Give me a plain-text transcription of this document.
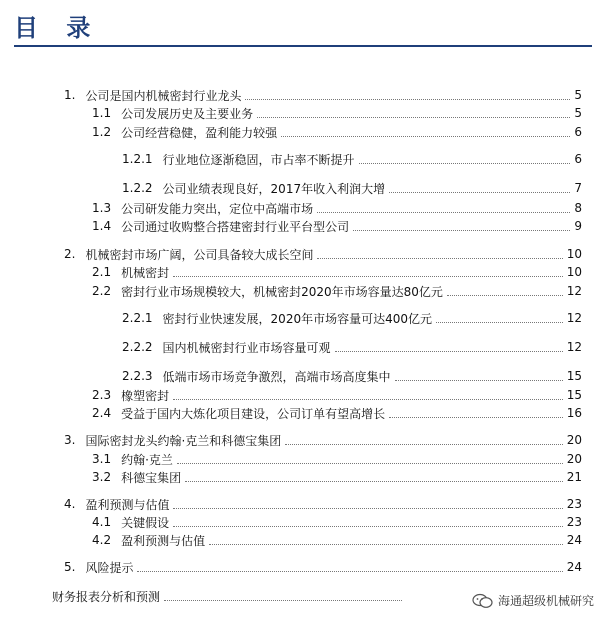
目 录
1. 公司是国内机械密封行业龙头	5
1.1 公司发展历史及主要业务	5
1.2 公司经营稳健，盈利能力较强	6
1.2.1 行业地位逐渐稳固，市占率不断提升	6
1.2.2 公司业绩表现良好，2017年收入利润大增	7
1.3 公司研发能力突出，定位中高端市场	8
1.4 公司通过收购整合搭建密封行业平台型公司	9
2. 机械密封市场广阔，公司具备较大成长空间	10
2.1 机械密封	10
2.2 密封行业市场规模较大，机械密封2020年市场容量达80亿元	12
2.2.1 密封行业快速发展，2020年市场容量可达400亿元	12
2.2.2 国内机械密封行业市场容量可观	12
2.2.3 低端市场市场竞争激烈，高端市场高度集中	15
2.3 橡塑密封	15
2.4 受益于国内大炼化项目建设，公司订单有望高增长	16
3. 国际密封龙头约翰·克兰和科德宝集团	20
3.1 约翰·克兰	20
3.2 科德宝集团	21
4. 盈利预测与估值	23
4.1 关键假设	23
4.2 盈利预测与估值	24
5. 风险提示	24
财务报表分析和预测	海通超级机械研究
